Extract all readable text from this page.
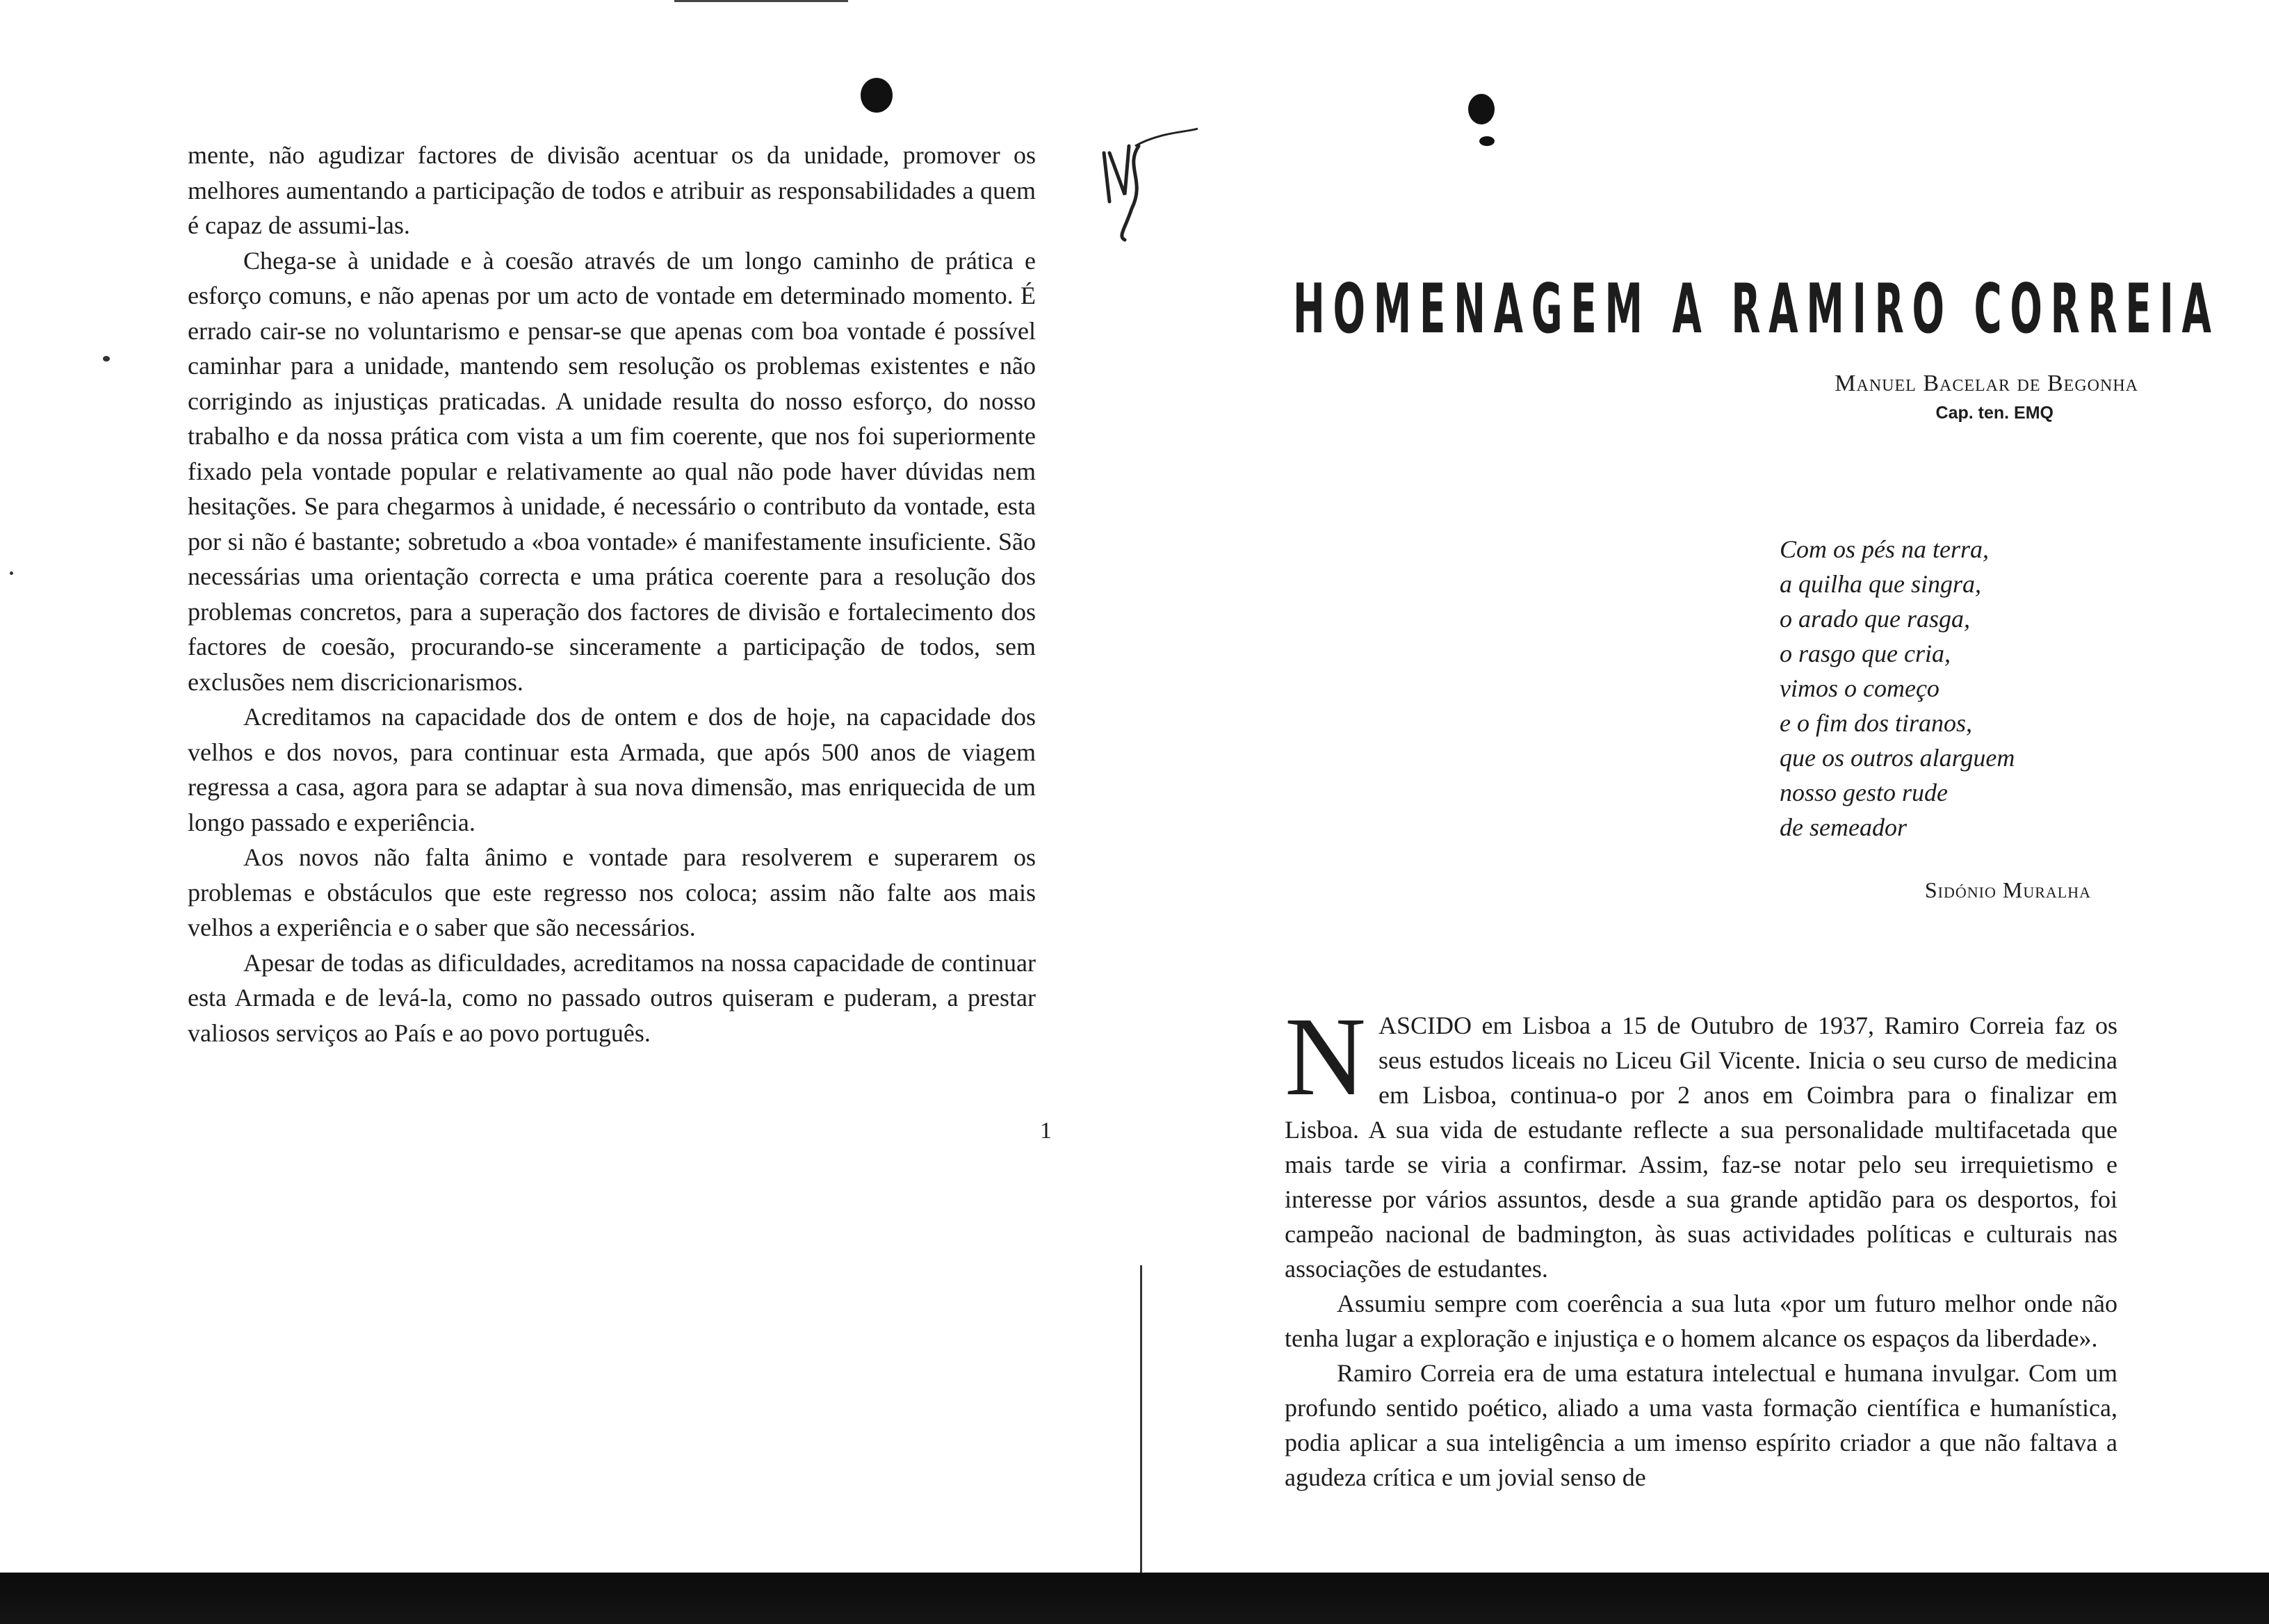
mente, não agudizar factores de divisão acentuar os da unidade, promover os melhores aumentando a participação de todos e atribuir as responsabilidades a quem é capaz de assumi-las.

Chega-se à unidade e à coesão através de um longo caminho de prática e esforço comuns, e não apenas por um acto de vontade em determinado momento. É errado cair-se no voluntarismo e pensar-se que apenas com boa vontade é possível caminhar para a unidade, mantendo sem resolução os problemas existentes e não corrigindo as injustiças praticadas. A unidade resulta do nosso esforço, do nosso trabalho e da nossa prática com vista a um fim coerente, que nos foi superiormente fixado pela vontade popular e relativamente ao qual não pode haver dúvidas nem hesitações. Se para chegarmos à unidade, é necessário o contributo da vontade, esta por si não é bastante; sobretudo a «boa vontade» é manifestamente insuficiente. São necessárias uma orientação correcta e uma prática coerente para a resolução dos problemas concretos, para a superação dos factores de divisão e fortalecimento dos factores de coesão, procurando-se sinceramente a participação de todos, sem exclusões nem discricionarismos.

Acreditamos na capacidade dos de ontem e dos de hoje, na capacidade dos velhos e dos novos, para continuar esta Armada, que após 500 anos de viagem regressa a casa, agora para se adaptar à sua nova dimensão, mas enriquecida de um longo passado e experiência.

Aos novos não falta ânimo e vontade para resolverem e superarem os problemas e obstáculos que este regresso nos coloca; assim não falte aos mais velhos a experiência e o saber que são necessários.

Apesar de todas as dificuldades, acreditamos na nossa capacidade de continuar esta Armada e de levá-la, como no passado outros quiseram e puderam, a prestar valiosos serviços ao País e ao povo português.

1
HOMENAGEM A RAMIRO CORREIA
Manuel Bacelar de Begonha
Cap. ten. EMQ
Com os pés na terra,
a quilha que singra,
o arado que rasga,
o rasgo que cria,
vimos o começo
e o fim dos tiranos,
que os outros alarguem
nosso gesto rude
de semeador
Sidónio Muralha

NASCIDO em Lisboa a 15 de Outubro de 1937, Ramiro Correia faz os seus estudos liceais no Liceu Gil Vicente. Inicia o seu curso de medicina em Lisboa, continua-o por 2 anos em Coimbra para o finalizar em Lisboa. A sua vida de estudante reflecte a sua personalidade multifacetada que mais tarde se viria a confirmar. Assim, faz-se notar pelo seu irrequietismo e interesse por vários assuntos, desde a sua grande aptidão para os desportos, foi campeão nacional de badmington, às suas actividades políticas e culturais nas associações de estudantes.

Assumiu sempre com coerência a sua luta «por um futuro melhor onde não tenha lugar a exploração e injustiça e o homem alcance os espaços da liberdade».

Ramiro Correia era de uma estatura intelectual e humana invulgar. Com um profundo sentido poético, aliado a uma vasta formação científica e humanística, podia aplicar a sua inteligência a um imenso espírito criador a que não faltava a agudeza crítica e um jovial senso de
